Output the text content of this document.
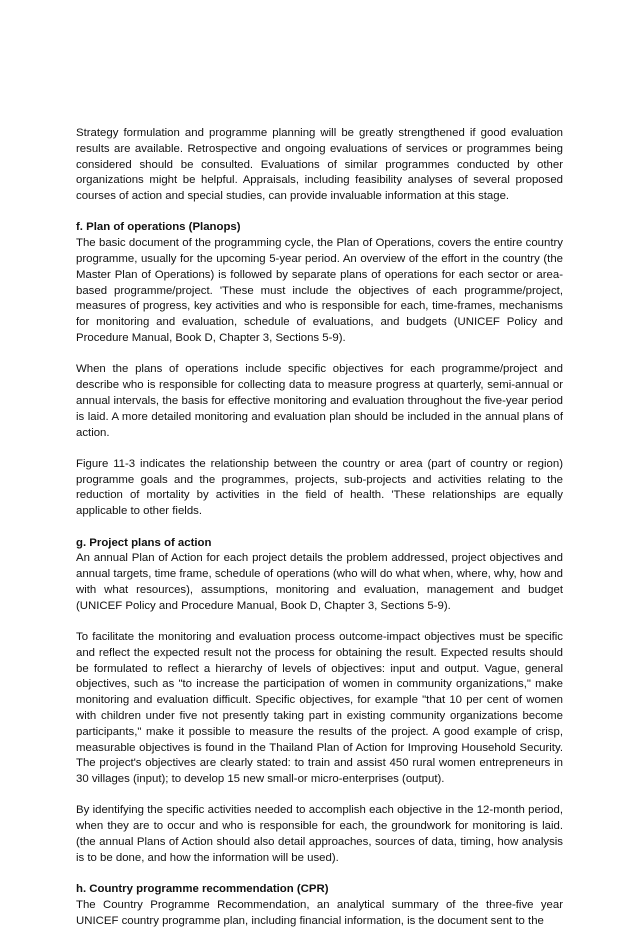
Strategy formulation and programme planning will be greatly strengthened if good evaluation results are available. Retrospective and ongoing evaluations of services or programmes being considered should be consulted. Evaluations of similar programmes conducted by other organizations might be helpful. Appraisals, including feasibility analyses of several proposed courses of action and special studies, can provide invaluable information at this stage.

f. Plan of operations (Planops)

The basic document of the programming cycle, the Plan of Operations, covers the entire country programme, usually for the upcoming 5-year period. An overview of the effort in the country (the Master Plan of Operations) is followed by separate plans of operations for each sector or area-based programme/project. 'These must include the objectives of each programme/project, measures of progress, key activities and who is responsible for each, time-frames, mechanisms for monitoring and evaluation, schedule of evaluations, and budgets (UNICEF Policy and Procedure Manual, Book D, Chapter 3, Sections 5-9).

When the plans of operations include specific objectives for each programme/project and describe who is responsible for collecting data to measure progress at quarterly, semi-annual or annual intervals, the basis for effective monitoring and evaluation throughout the five-year period is laid. A more detailed monitoring and evaluation plan should be included in the annual plans of action.

Figure 11-3 indicates the relationship between the country or area (part of country or region) programme goals and the programmes, projects, sub-projects and activities relating to the reduction of mortality by activities in the field of health. 'These relationships are equally applicable to other fields.

g. Project plans of action

An annual Plan of Action for each project details the problem addressed, project objectives and annual targets, time frame, schedule of operations (who will do what when, where, why, how and with what resources), assumptions, monitoring and evaluation, management and budget (UNICEF Policy and Procedure Manual, Book D, Chapter 3, Sections 5-9).

To facilitate the monitoring and evaluation process outcome-impact objectives must be specific and reflect the expected result not the process for obtaining the result. Expected results should be formulated to reflect a hierarchy of levels of objectives: input and output. Vague, general objectives, such as "to increase the participation of women in community organizations," make monitoring and evaluation difficult. Specific objectives, for example "that 10 per cent of women with children under five not presently taking part in existing community organizations become participants," make it possible to measure the results of the project. A good example of crisp, measurable objectives is found in the Thailand Plan of Action for Improving Household Security. The project's objectives are clearly stated: to train and assist 450 rural women entrepreneurs in 30 villages (input); to develop 15 new small-or micro-enterprises (output).

By identifying the specific activities needed to accomplish each objective in the 12-month period, when they are to occur and who is responsible for each, the groundwork for monitoring is laid. (the annual Plans of Action should also detail approaches, sources of data, timing, how analysis is to be done, and how the information will be used).

h. Country programme recommendation (CPR)

The Country Programme Recommendation, an analytical summary of the three-five year UNICEF country programme plan, including financial information, is the document sent to the
